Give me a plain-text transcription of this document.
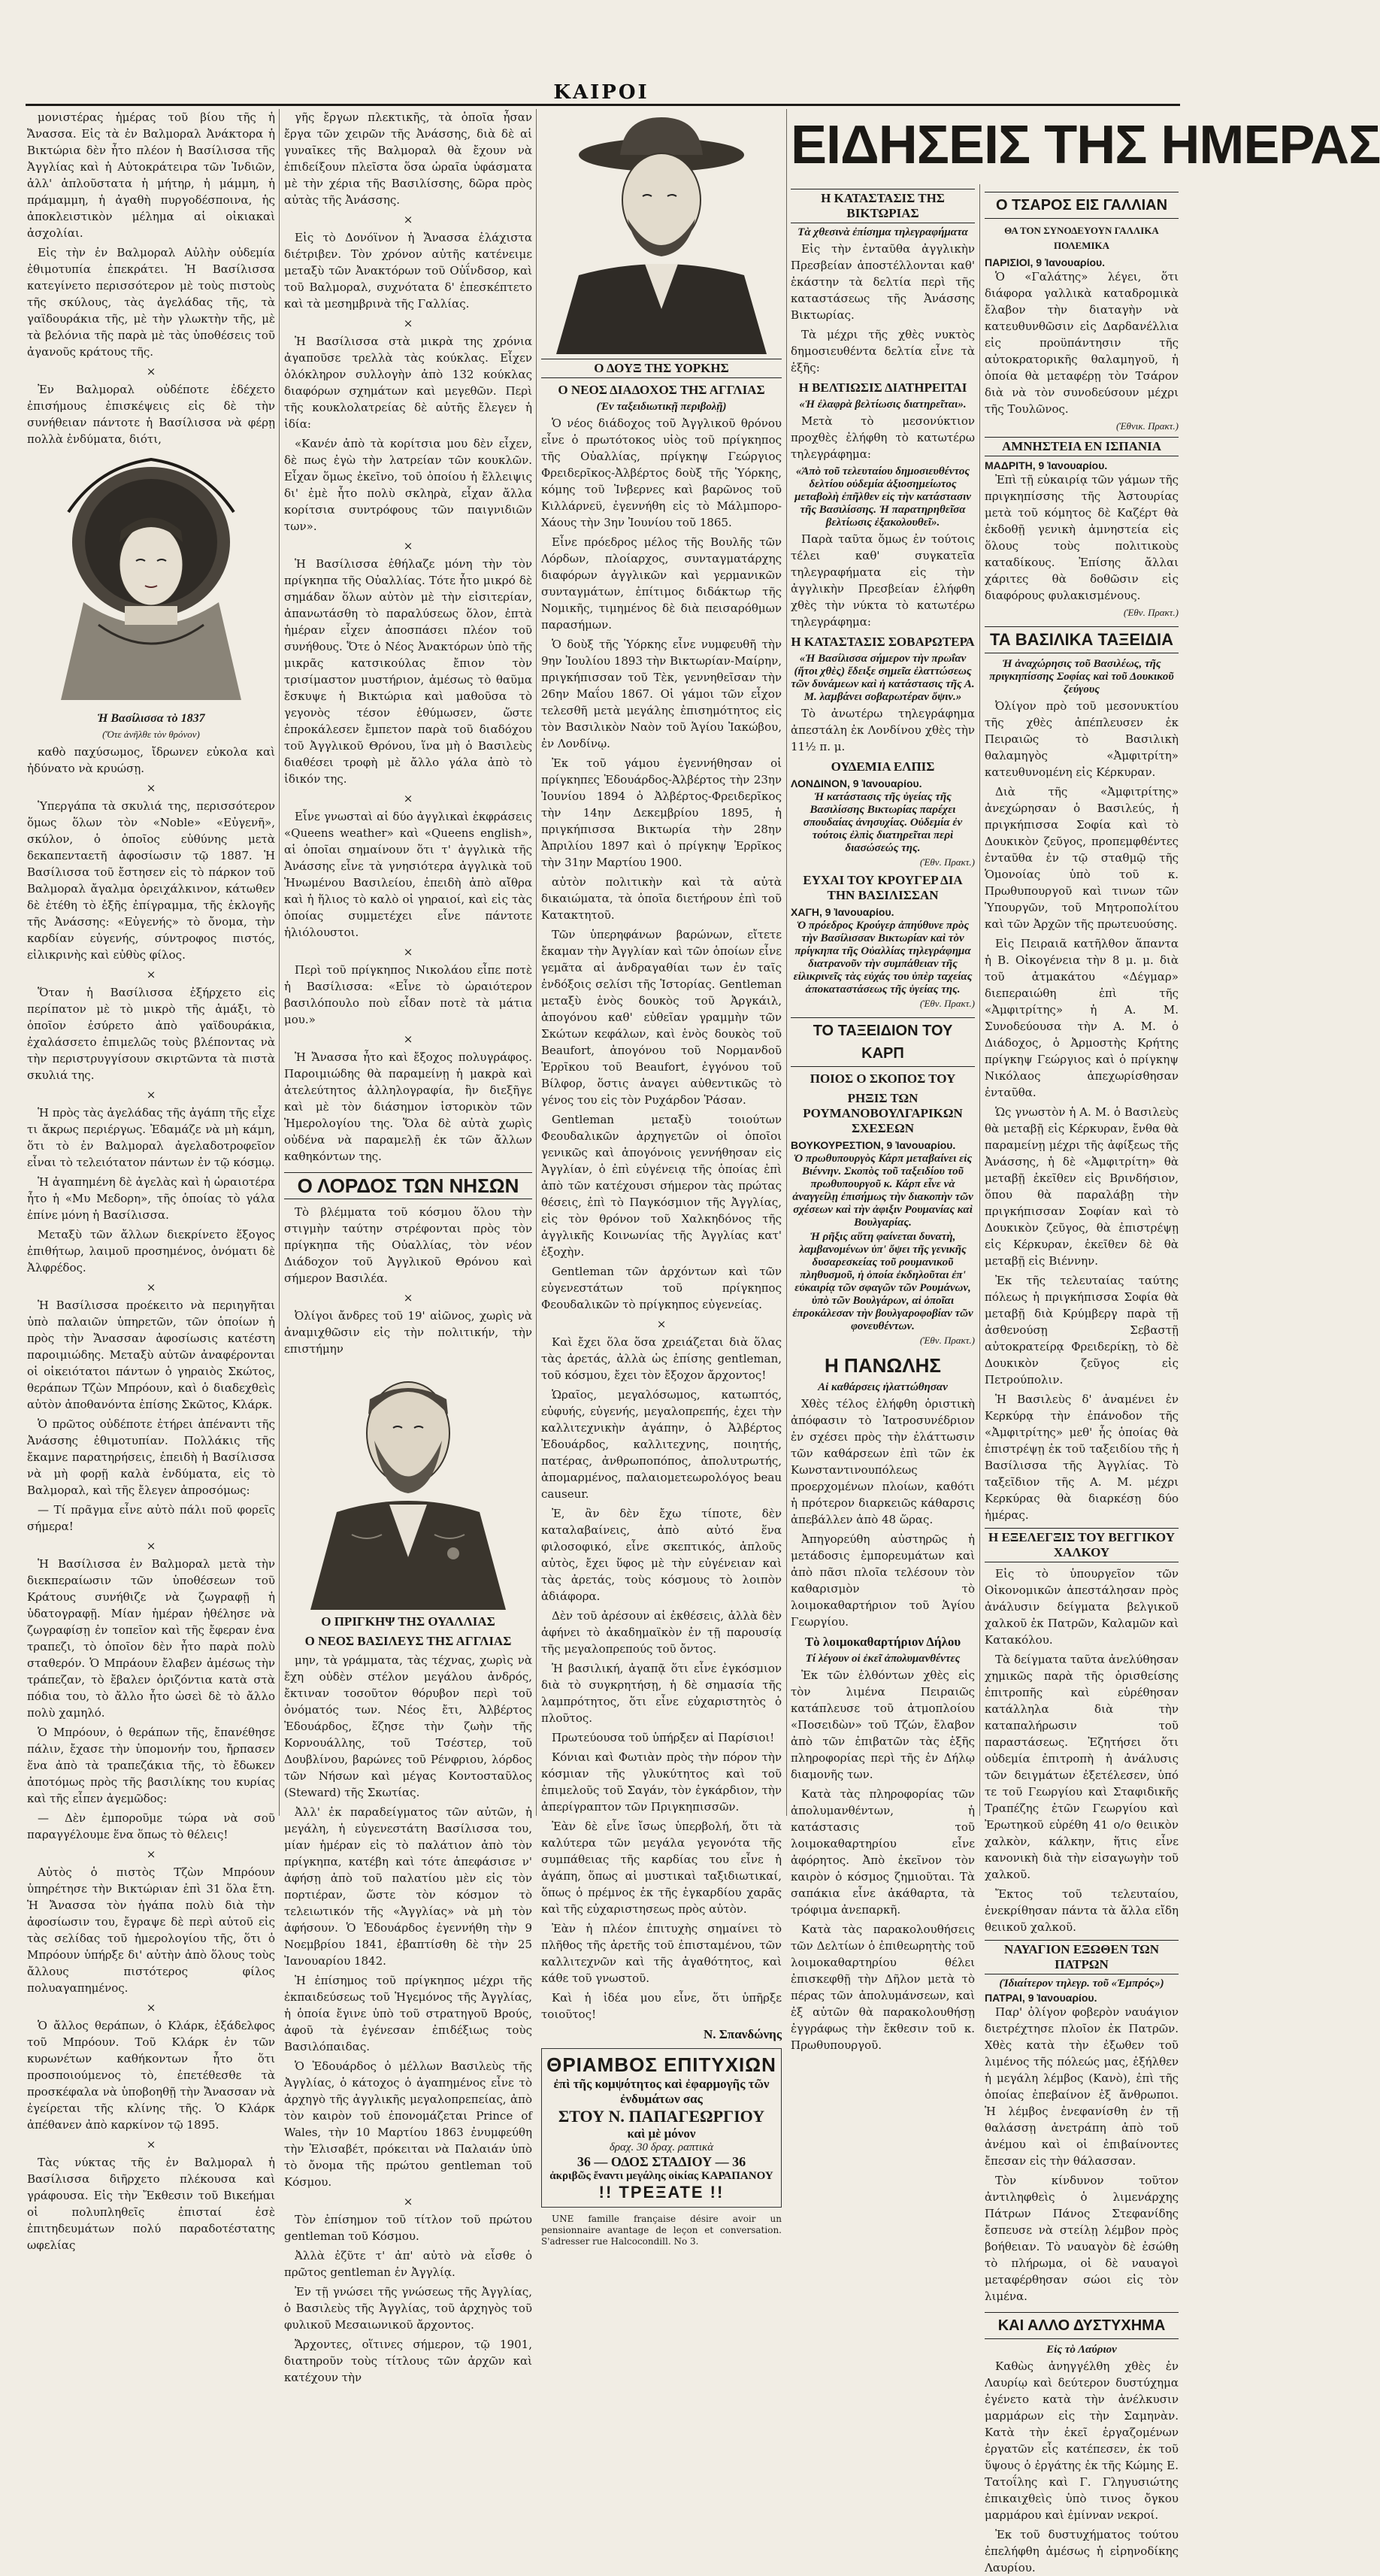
ΚΑΙΡΟΙ

μονιστέρας ἡμέρας τοῦ βίου τῆς ἡ Ἄνασσα. Εἰς τὰ ἐν Βαλμοραλ Ἀνάκτορα ἡ Βικτώρια δὲν ἦτο πλέον ἡ Βασίλισσα τῆς Ἀγγλίας καὶ ἡ Αὐτοκράτειρα τῶν Ἰνδιῶν, ἀλλ' ἁπλοῦστατα ἡ μήτηρ, ἡ μάμμη, ἡ πράμαμμη, ἡ ἀγαθὴ πυργοδέσποινα, ἡς ἀποκλειστικὸν μέλημα αἱ οἰκιακαὶ ἀσχολίαι.

Εἰς τὴν ἐν Βαλμοραλ Αὐλὴν οὐδεμία ἐθιμοτυπία ἐπεκράτει. Ἡ Βασίλισσα κατεγίνετο περισσότερον μὲ τοὺς πιστοὺς τῆς σκύλους, τὰς ἀγελάδας τῆς, τὰ γαϊδουράκια τῆς, μὲ τὴν γλωκτὴν τῆς, μὲ τὰ βελόνια τῆς παρὰ μὲ τὰς ὑποθέσεις τοῦ ἀγανοῦς κράτους τῆς.

×

Ἐν Βαλμοραλ οὐδέποτε ἐδέχετο ἐπισήμους ἐπισκέψεις εἰς δὲ τὴν συνήθειαν πάντοτε ἡ Βασίλισσα νὰ φέρῃ πολλὰ ἐνδύματα, διότι,

Ἡ Βασίλισσα τὸ 1837
(Ὅτε ἀνῆλθε τὸν θρόνον)

καθὸ παχύσωμος, ἴδρωνεν εὐκολα καὶ ἠδύνατο νὰ κρυώσῃ.

×

Ὑπεργάπα τὰ σκυλιά της, περισσότερον ὅμως ὅλων τὸν «Noble» «Εὐγενῆ», σκύλον, ὁ ὁποῖος εὑθύνης μετὰ δεκαπενταετῆ ἀφοσίωσιν τῷ 1887. Ἡ Βασίλισσα τοῦ ἔστησεν εἰς τὸ πάρκον τοῦ Βαλμοραλ ἄγαλμα ὀρειχάλκινον, κάτωθεν δὲ ἐτέθη τὸ ἑξῆς ἐπίγραμμα, τῆς ἐκλογῆς τῆς Ἀνάσσης: «Εὐγενής» τὸ ὄνομα, τὴν καρδίαν εὐγενής, σύντροφος πιστός, εἰλικρινὴς καὶ εὐθὺς φίλος.

×

Ὅταν ἡ Βασίλισσα ἐξήρχετο εἰς περίπατον μὲ τὸ μικρὸ τῆς ἁμάξι, τὸ ὁποῖον ἐσύρετο ἀπὸ γαϊδουράκια, ἐχαλάσσετο ἐπιμελῶς τοὺς βλέποντας νὰ τὴν περιστρυγγίσουν σκιρτῶντα τὰ πιστὰ σκυλιά της.

×

Ἡ πρὸς τὰς ἀγελάδας τῆς ἀγάπη τῆς εἶχε τι ἄκρως περιέργως. Ἐδαμάζε νὰ μὴ κάμη, ὅτι τὸ ἐν Βαλμοραλ ἀγελαδοτροφεῖον εἶναι τὸ τελειότατον πάντων ἐν τῷ κόσμῳ.

Ἡ ἀγαπημένη δὲ ἀγελὰς καὶ ἡ ὡραιοτέρα ἦτο ἡ «Μυ Μεδορη», τῆς ὁποίας τὸ γάλα ἐπίνε μόνη ἡ Βασίλισσα.

Μεταξὺ τῶν ἄλλων διεκρίνετο ἕξογος ἐπιθήτωρ, λαιμοῦ προσημένος, ὀνόματι δὲ Ἀλφρέδος.

×

Ἡ Βασίλισσα προέκειτο νὰ περιηγῆται ὑπὸ παλαιῶν ὑπηρετῶν, τῶν ὁποίων ἡ πρὸς τὴν Ἄνασσαν ἀφοσίωσις κατέστη παροιμιώδης. Μεταξὺ αὐτῶν ἀναφέρονται οἱ οἰκειότατοι πάντων ὁ γηραιὸς Σκώτος, θεράπων Τζὼν Μπρόουν, καὶ ὁ διαδεχθεὶς αὐτὸν ἀποθανόντα ἐπίσης Σκῶτος, Κλάρκ.

Ὁ πρῶτος οὐδέποτε ἐτήρει ἀπέναντι τῆς Ἀνάσσης ἐθιμοτυπίαν. Πολλάκις τῆς ἔκαμνε παρατηρήσεις, ἐπειδὴ ἡ Βασίλισσα νὰ μὴ φορῇ καλὰ ἐνδύματα, εἰς τὸ Βαλμοραλ, καὶ τῆς ἔλεγεν ἀπροσόμως:

— Τί πρᾶγμα εἶνε αὐτὸ πάλι ποῦ φορεῖς σήμερα!

×

Ἡ Βασίλισσα ἐν Βαλμοραλ μετὰ τὴν διεκπεραίωσιν τῶν ὑποθέσεων τοῦ Κράτους συνήθιζε νὰ ζωγραφῇ ἡ ὑδατογραφῇ. Μίαν ἡμέραν ἠθέλησε νὰ ζωγραφίσῃ ἐν τοπεῖον καὶ τῆς ἔφεραν ἐνα τραπεζι, τὸ ὁποῖον δὲν ἦτο παρὰ πολὺ σταθερόν. Ὁ Μπράουν ἔλαβεν ἀμέσως τὴν τράπεζαν, τὸ ἔβαλεν ὁριζόντια κατὰ στὰ πόδια του, τὸ ἄλλο ἦτο ὡσεὶ δὲ τὸ ἄλλο πολὺ χαμηλό.

Ὁ Μπρόουν, ὁ θεράπων τῆς, ἔπανέθησε πάλιν, ἔχασε τὴν ὑπομονήν του, ἤρπασεν ἕνα ἀπὸ τὰ τραπεζάκια τῆς, τὸ ἔδωκεν ἀποτόμως πρὸς τῆς βασιλίκης του κυρίας καὶ τῆς εἶπεν ἀγεμῶδος:

— Δὲν ἐμποροῦμε τώρα νὰ σοῦ παραγγέλουμε ἕνα ὅπως τὸ θέλεις!

×

Αὐτὸς ὁ πιστὸς Τζὼν Μπρόουν ὑπηρέτησε τὴν Βικτώριαν ἐπὶ 31 ὅλα ἔτη. Ἡ Ἄνασσα τὸν ἠγάπα πολὺ διὰ τὴν ἀφοσίωσιν του, ἔγραψε δὲ περὶ αὐτοῦ εἰς τὰς σελίδας τοῦ ἡμερολογίου τῆς, ὅτι ὁ Μπρόουν ὑπήρξε δι' αὐτὴν ἀπὸ ὅλους τοὺς ἄλλους πιστότερος φίλος πολυαγαπημένος.

×

Ὁ ἄλλος θεράπων, ὁ Κλάρκ, ἐξάδελφος τοῦ Μπρόουν. Τοῦ Κλάρκ ἐν τῶν κυρωνέτων καθήκοντων ἦτο ὅτι προσποιούμενος τὸ, ἐπετέθεσθε τὰ προσκέφαλα νὰ ὑποβοηθῇ τὴν Ἄνασσαν νὰ ἐγείρεται τῆς κλίνης τῆς. Ὁ Κλάρκ ἀπέθανεν ἀπὸ καρκίνον τῷ 1895.

×

Τὰς νύκτας τῆς ἐν Βαλμοραλ ἡ Βασίλισσα διῆρχετο πλέκουσα καὶ γράφουσα. Εἰς τὴν Ἔκθεσιν τοῦ Βικεήμαι οἱ πολυπληθεῖς ἐπισταί ἐσὲ ἐπιτηδευμάτων πολύ παραδοτέστατης ωφελίας

γῆς ἔργων πλεκτικῆς, τὰ ὁποῖα ἦσαν ἔργα τῶν χειρῶν τῆς Ἀνάσσης, διὰ δὲ αἱ γυναῖκες τῆς Βαλμοραλ θὰ ἔχουν νὰ ἐπιδείξουν πλεῖστα ὅσα ὡραῖα ὑφάσματα μὲ τὴν χέρια τῆς Βασιλίσσης, δῶρα πρὸς αὐτὰς τῆς Ἀνάσσης.

×

Εἰς τὸ Δονόϊνον ἡ Ἄνασσα ἐλάχιστα διέτριβεν. Τὸν χρόνον αὐτῆς κατένειμε μεταξὺ τῶν Ἀνακτόρων τοῦ Οὐΐνδσορ, καὶ τοῦ Βαλμοραλ, συχνότατα δ' ἐπεσκέπτετο καὶ τὰ μεσημβρινὰ τῆς Γαλλίας.

×

Ἡ Βασίλισσα στὰ μικρὰ της χρόνια ἀγαποῦσε τρελλὰ τὰς κούκλας. Εἶχεν ὁλόκληρον συλλογὴν ἀπὸ 132 κούκλας διαφόρων σχημάτων καὶ μεγεθῶν. Περὶ τῆς κουκλολατρείας δὲ αὐτῆς ἔλεγεν ἡ ἰδία:

«Κανέν ἀπὸ τὰ κορίτσια μου δὲν εἶχεν, δὲ πως ἐγὼ τὴν λατρείαν τῶν κουκλῶν. Εἶχαν ὅμως ἐκεῖνο, τοῦ ὁποίου ἡ ἔλλειψις δι' ἐμὲ ἦτο πολὺ σκληρὰ, εἶχαν ἄλλα κορίτσια συντρόφους τῶν παιγνιδιῶν των».

×

Ἡ Βασίλισσα ἐθήλαζε μόνη τὴν τὸν πρίγκηπα τῆς Οὐαλλίας. Τότε ἦτο μικρό δὲ σημάδαν ὅλων αὐτὸν μὲ τὴν εἰσιτερίαν, ἀπανωτάσθη τὸ παραλύσεως ὅλον, ἐπτὰ ἡμέραν εἶχεν ἀποσπάσει πλέον τοῦ συνήθους. Ὅτε ὁ Νέος Ἀνακτόρων ὑπὸ τῆς μικρᾶς κατσικούλας ἔπιον τὸν τρισίμαστον μυστήριον, ἀμέσως τὸ θαῦμα ἔσκυψε ἡ Βικτώρια καὶ μαθοῦσα τὸ γεγονὸς τέσον ἐθύμωσεν, ὥστε ἐπροκάλεσεν ἔμπετον παρὰ τοῦ διαδόχου τοῦ Ἀγγλικοῦ Θρόνου, ἵνα μὴ ὁ Βασιλεὺς διαθέσει τροφὴ μὲ ἄλλο γάλα ἀπὸ τὸ ἰδικόν της.

×

Εἶνε γνωσταὶ αἱ δύο ἀγγλικαὶ ἐκφράσεις «Queens weather» καὶ «Queens english», αἱ ὁποῖαι σημαίνουν ὅτι τ' ἀγγλικὰ τῆς Ἀνάσσης εἶνε τὰ γνησιότερα ἀγγλικὰ τοῦ Ἡνωμένου Βασιλείου, ἐπειδὴ ἀπὸ αἴθρα καὶ ἡ ἥλιος τὸ καλὸ οἱ γηραιοί, καὶ εἰς τὰς ὁποίας συμμετέχει εἶνε πάντοτε ἡλιόλουστοι.

×

Περὶ τοῦ πρίγκηπος Νικολάου εἶπε ποτὲ ἡ Βασίλισσα: «Εἶνε τὸ ὡραιότερον βασιλόπουλο ποὺ εἶδαν ποτὲ τὰ μάτια μου.»

×

Ἡ Ἄνασσα ἦτο καὶ ἔξοχος πολυγράφος. Παροιμιώδης θὰ παραμείνῃ ἡ μακρὰ καὶ ἀτελεύτητος ἀλληλογραφία, ἣν διεξῆγε καὶ μὲ τὸν διάσημον ἱστορικὸν τῶν Ἡμερολογίου της. Ὅλα δὲ αὐτὰ χωρὶς οὐδένα νὰ παραμελῇ ἐκ τῶν ἄλλων καθηκόντων της.

Ο ΛΟΡΔΟΣ ΤΩΝ ΝΗΣΩΝ

Τὸ βλέμματα τοῦ κόσμου ὅλου τὴν στιγμὴν ταύτην στρέφονται πρὸς τὸν πρίγκηπα τῆς Οὐαλλίας, τὸν νέον Διάδοχον τοῦ Ἀγγλικοῦ Θρόνου καὶ σήμερον Βασιλέα.

×

Ὀλίγοι ἄνδρες τοῦ 19' αἰῶνος, χωρὶς νὰ ἀναμιχθῶσιν εἰς τὴν πολιτικήν, τὴν επιστήμην

Ο ΠΡΙΓΚΗΨ ΤΗΣ ΟΥΑΛΛΙΑΣ
Ο ΝΕΟΣ ΒΑΣΙΛΕΥΣ ΤΗΣ ΑΓΓΛΙΑΣ

μην, τὰ γράμματα, τὰς τέχνας, χωρὶς νὰ ἔχη οὐδὲν στέλον μεγάλου ἀνδρός, ἔκτιναν τοσοῦτον θόρυβον περὶ τοῦ ὀνόματός των. Νέος ἔτι, Ἀλβέρτος Ἐδουάρδος, ἔζησε τὴν ζωὴν τῆς Κορνουάλλης, τοῦ Τσέστερ, τοῦ Δουβλίνου, βαρώνες τοῦ Ρένφριου, λόρδος τῶν Νήσων καὶ μέγας Κοντοσταῦλος (Steward) τῆς Σκωτίας.

Ἀλλ' ἐκ παραδείγματος τῶν αὐτῶν, ἡ μεγάλη, ἡ εὐγενεστάτη Βασίλισσα του, μίαν ἡμέραν εἰς τὸ παλάτιον ἀπὸ τὸν πρίγκηπα, κατέβη καὶ τότε ἀπεφάσισε ν' ἀφήσῃ ἀπὸ τοῦ παλατίου μὲν εἰς τὸν πορτιέραν, ὥστε τὸν κόσμον τὸ τελειωτικόν τῆς «Ἀγγλίας» νὰ μὴ τὸν ἀφήσουν. Ὁ Ἐδουάρδος ἐγεννήθη τὴν 9 Νοεμβρίου 1841, ἐβαπτίσθη δὲ τὴν 25 Ἰανουαρίου 1842.

Ἡ ἐπίσημος τοῦ πρίγκηπος μέχρι τῆς ἐκπαιδεύσεως τοῦ Ἡγεμόνος τῆς Ἀγγλίας, ἡ ὁποία ἔγινε ὑπὸ τοῦ στρατηγοῦ Βρούς, ἀφοῦ τὰ ἐγένεσαν ἐπιδέξιως τοὺς Βασιλόπαιδας.

Ὁ Ἐδουάρδος ὁ μέλλων Βασιλεὺς τῆς Ἀγγλίας, ὁ κάτοχος ὁ ἀγαπημένος εἶνε τὸ ἀρχηγὸ τῆς ἀγγλικῆς μεγαλοπρεπείας, ἀπὸ τὸν καιρὸν τοῦ ἐπονομάζεται Prince of Wales, τὴν 10 Μαρτίου 1863 ἐνυμφεύθη τὴν Ἐλισαβέτ, πρόκειται νὰ Παλαιάν ὑπὸ τὸ ὄνομα τῆς πρώτου gentleman τοῦ Κόσμου.

×

Τὸν ἐπίσημον τοῦ τίτλον τοῦ πρώτου gentleman τοῦ Κόσμου.

Ἀλλὰ ἐζῦτε τ' ἀπ' αὐτὸ νὰ εἶσθε ὁ πρῶτος gentleman ἐν Ἀγγλίᾳ.

Ἐν τῇ γνώσει τῆς γνώσεως τῆς Ἀγγλίας, ὁ Βασιλεὺς τῆς Ἀγγλίας, τοῦ ἀρχηγὸς τοῦ φυλικοῦ Μεσαιωνικοῦ ἄρχοντος.

Ἄρχοντες, οἵτινες σήμερον, τῷ 1901, διατηροῦν τοὺς τίτλους τῶν ἀρχῶν καὶ κατέχουν τὴν

Ο ΔΟΥΞ ΤΗΣ ΥΟΡΚΗΣ
Ο ΝΕΟΣ ΔΙΑΔΟΧΟΣ ΤΗΣ ΑΓΓΛΙΑΣ
(Ἐν ταξειδιωτικῇ περιβολῇ)

Ὁ νέος διάδοχος τοῦ Ἀγγλικοῦ θρόνου εἶνε ὁ πρωτότοκος υἱὸς τοῦ πρίγκηπος τῆς Οὐαλλίας, πρίγκηψ Γεώργιος Φρειδερῖκος-Ἀλβέρτος δοὺξ τῆς Ὑόρκης, κόμης τοῦ Ἰνβερνες καὶ βαρῶνος τοῦ Κιλλάρνεϋ, ἐγεννήθη εἰς τὸ Μάλμπορο-Χάους τὴν 3ην Ἰουνίου τοῦ 1865.

Εἶνε πρόεδρος μέλος τῆς Βουλῆς τῶν Λόρδων, πλοίαρχος, συνταγματάρχης διαφόρων ἀγγλικῶν καὶ γερμανικῶν συνταγμάτων, ἐπίτιμος διδάκτωρ τῆς Νομικῆς, τιμημένος δὲ διὰ πεισαρόθμων παρασήμων.

Ὁ δοὺξ τῆς Ὑόρκης εἶνε νυμφευθῆ τὴν 9ην Ἰουλίου 1893 τὴν Βικτωρίαν-Μαίρην, πριγκήπισσαν τοῦ Τὲκ, γεννηθεῖσαν τὴν 26ην Μαΐου 1867. Οἱ γάμοι τῶν εἶχον τελεσθῆ μετὰ μεγάλης ἐπισημότητος εἰς τὸν Βασιλικὸν Ναὸν τοῦ Ἁγίου Ἰακώβου, ἐν Λονδίνῳ.

Ἐκ τοῦ γάμου ἐγεννήθησαν οἱ πρίγκηπες Ἐδουάρδος-Ἀλβέρτος τὴν 23ην Ἰουνίου 1894 ὁ Ἀλβέρτος-Φρειδερῖκος τὴν 14ην Δεκεμβρίου 1895, ἡ πριγκήπισσα Βικτωρία τὴν 28ην Ἀπριλίου 1897 καὶ ὁ πρίγκηψ Ἐρρῖκος τὴν 31ην Μαρτίου 1900.

αὐτὸν πολιτικὴν καὶ τὰ αὐτὰ δικαιώματα, τὰ ὁποῖα διετήρουν ἐπὶ τοῦ Κατακτητοῦ.

Τῶν ὑπερηφάνων βαρώνων, εἴτετε ἔκαμαν τὴν Ἀγγλίαν καὶ τῶν ὁποίων εἶνε γεμᾶτα αἱ ἀνδραγαθίαι των ἐν ταῖς ἐνδόξοις σελίσι τῆς Ἱστορίας. Gentleman μεταξὺ ἑνὸς δουκὸς τοῦ Ἀργκάιλ, ἀπογόνου καθ' εὐθεῖαν γραμμὴν τῶν Σκώτων κεφάλων, καὶ ἑνὸς δουκὸς τοῦ Beaufort, ἀπογόνου τοῦ Νορμανδοῦ Ἐρρῖκου τοῦ Beaufort, ἐγγόνου τοῦ Βίλφορ, ὅστις ἀναγει αὐθεντικῶς τὸ γένος του εἰς τὸν Ρυχάρδον Ῥάσαν.

Gentleman μεταξὺ τοιούτων Φεουδαλικῶν ἀρχηγετῶν οἱ ὁποῖοι γενικῶς καὶ ἀπογόνοις γεννήθησαν εἰς Ἀγγλίαν, ὁ ἐπὶ εὐγένειᾳ τῆς ὁποίας ἐπὶ ἀπὸ τῶν κατέχουσι σήμερον τὰς πρώτας θέσεις, ἐπὶ τὸ Παγκόσμιον τῆς Ἀγγλίας, εἰς τὸν θρόνον τοῦ Χαλκηδόνος τῆς ἀγγλικῆς Κοινωνίας τῆς Ἀγγλίας κατ' ἐξοχὴν.

Gentleman τῶν ἀρχόντων καὶ τῶν εὐγενεστάτων τοῦ πρίγκηπος Φεουδαλικῶν τὸ πρίγκηπος εὐγενείας.

×

Καὶ ἔχει ὅλα ὅσα χρειάζεται διὰ ὅλας τὰς ἀρετάς, ἀλλὰ ὡς ἐπίσης gentleman, τοῦ κόσμου, ἔχει τὸν ἔξοχον ἄρχοντος!

Ὡραῖος, μεγαλόσωμος, κατωπτός, εὐφυής, εὐγενής, μεγαλοπρεπής, ἐχει τὴν καλλιτεχνικὴν ἀγάπην, ὁ Ἀλβέρτος Ἐδουάρδος, καλλιτεχνης, ποιητής, πατέρας, ἀνθρωποπόπος, ἀπολυτρωτής, ἀπομαρμένος, παλαιομετεωρολόγος beau causeur.

Ἐ, ἂν δὲν ἔχω τίποτε, δὲν καταλαβαίνεις, ἀπὸ αὐτό ἕνα φιλοσοφικό, εἶνε σκεπτικός, ἀπλοῦς αὐτὸς, ἔχει ὕφος μὲ τὴν εὐγένειαν καὶ τὰς ἀρετάς, τοὺς κόσμους τὸ λοιπὸν ἀδιάφορα.

Δὲν τοῦ ἀρέσουν αἱ ἐκθέσεις, ἀλλὰ δὲν ἀφήνει τὸ ἀκαδημαϊκὸν ἐν τῇ παρουσίᾳ τῆς μεγαλοπρεπούς τοῦ ὄντος.

Ἡ βασιλική, ἀγαπᾷ ὅτι εἶνε ἐγκόσμιον διὰ τὸ συγκρητήσῃ, ἡ δὲ σημασία τῆς λαμπρότητος, ὅτι εἶνε εὐχαριστητὸς ὁ πλοῦτος.

Πρωτεύουσα τοῦ ὑπήρξεν αἱ Παρίσιοι!

Κόνιαι καὶ Φωτιὰν πρὸς τὴν πόρον τὴν κόσμιαν τῆς γλυκύτητος καὶ τοῦ ἐπιμελοῦς τοῦ Σαγάν, τὸν ἐγκάρδιον, τὴν ἀπερίγραπτον τῶν Πριγκηπισσῶν.

Ἐὰν δὲ εἶνε ἴσως ὑπερβολή, ὅτι τὰ καλύτερα τῶν μεγάλα γεγονότα τῆς συμπάθειας τῆς καρδίας του εἶνε ἡ ἀγάπη, ὅπως αἱ μυστικαὶ ταξιδιωτικαί, ὅπως ὁ πρέμνος ἐκ τῆς ἐγκαρδίου χαρᾶς καὶ τῆς εὐχαριστησεως πρὸς αὐτὸν.

Ἐὰν ἡ πλέον ἐπιτυχὴς σημαίνει τὸ πλῆθος τῆς ἀρετῆς τοῦ ἐπισταμένου, τῶν καλλιτεχνῶν καὶ τῆς ἀγαθότητος, καὶ κάθε τοῦ γνωστοῦ.

Καὶ ἡ ἰδέα μου εἶνε, ὅτι ὑπῆρξε τοιοῦτος!

Ν. Σπανδώνης
ΘΡΙΑΜΒΟΣ ΕΠΙΤΥΧΙΩΝ
ἐπὶ τῆς κομψότητος καὶ ἐφαρμογῆς τῶν ἐνδυμάτων σας
ΣΤΟΥ Ν. ΠΑΠΑΓΕΩΡΓΙΟΥ
καὶ μὲ μόνον
δραχ. 30 δραχ. ραπτικὰ
36 — ΟΔΟΣ ΣΤΑΔΙΟΥ — 36
ἀκριβῶς ἔναντι μεγάλης οἰκίας ΚΑΡΑΠΑΝΟΥ
!! ΤΡΕΞΑΤΕ !!

UNE famille française désire avoir un pensionnaire avantage de leçon et conversation. S'adresser rue Halcocondill. No 3.

ΕΙΔΗΣΕΙΣ ΤΗΣ ΗΜΕΡΑΣ
Η ΚΑΤΑΣΤΑΣΙΣ ΤΗΣ ΒΙΚΤΩΡΙΑΣ
Τὰ χθεσινὰ ἐπίσημα τηλεγραφήματα

Εἰς τὴν ἐνταῦθα ἀγγλικὴν Πρεσβείαν ἀποστέλλονται καθ' ἑκάστην τὰ δελτία περὶ τῆς καταστάσεως τῆς Ἀνάσσης Βικτωρίας.

Τὰ μέχρι τῆς χθὲς νυκτὸς δημοσιευθέντα δελτία εἶνε τὰ ἑξῆς:

Η ΒΕΛΤΙΩΣΙΣ ΔΙΑΤΗΡΕΙΤΑΙ
«Ἡ ἐλαφρὰ βελτίωσις διατηρεῖται».

Μετὰ τὸ μεσονύκτιον προχθὲς ἐλήφθη τὸ κατωτέρω τηλεγράφημα:

«Ἀπὸ τοῦ τελευταίου δημοσιευθέντος δελτίου οὐδεμία ἀξιοσημείωτος μεταβολὴ ἐπῆλθεν εἰς τὴν κατάστασιν τῆς Βασιλίσσης. Ἡ παρατηρηθεῖσα βελτίωσις ἐξακολουθεῖ».

Παρὰ ταῦτα ὅμως ἐν τούτοις τέλει καθ' συγκατεῖα τηλεγραφήματα εἰς τὴν ἀγγλικὴν Πρεσβείαν ἐλήφθη χθὲς τὴν νύκτα τὸ κατωτέρω τηλεγράφημα:

Η ΚΑΤΑΣΤΑΣΙΣ ΣΟΒΑΡΩΤΕΡΑ
«Ἡ Βασίλισσα σήμερον τὴν πρωΐαν (ἤτοι χθὲς) ἔδειξε σημεῖα ἐλαττώσεως τῶν δυνάμεων καὶ ἡ κατάστασις τῆς Α. Μ. λαμβάνει σοβαρωτέραν ὄψιν.»

Τὸ ἀνωτέρω τηλεγράφημα ἀπεστάλη ἐκ Λονδίνου χθὲς τὴν 11½ π. μ.

ΟΥΔΕΜΙΑ ΕΛΠΙΣ
ΛΟΝΔΙΝΟΝ, 9 Ἰανουαρίου.
Ἡ κατάστασις τῆς ὑγείας τῆς Βασιλίσσης Βικτωρίας παρέχει σπουδαίας ἀνησυχίας. Οὐδεμία ἐν τούτοις ἐλπὶς διατηρεῖται περὶ διασώσεώς της.
(Ἐθν. Πρακτ.)
ΕΥΧΑΙ ΤΟΥ ΚΡΟΥΓΕΡ ΔΙΑ ΤΗΝ ΒΑΣΙΛΙΣΣΑΝ
ΧΑΓΗ, 9 Ἰανουαρίου.
Ὁ πρόεδρος Κρούγερ ἀπηύθυνε πρὸς τὴν Βασίλισσαν Βικτωρίαν καὶ τὸν πρίγκηπα τῆς Οὐαλλίας τηλεγράφημα διατρανοῦν τὴν συμπάθειαν τῆς εἰλικρινεῖς τὰς εὐχάς του ὑπὲρ ταχείας ἀποκαταστάσεως τῆς ὑγείας της.
(Ἐθν. Πρακτ.)
ΤΟ ΤΑΞΕΙΔΙΟΝ ΤΟΥ ΚΑΡΠ
ΠΟΙΟΣ Ο ΣΚΟΠΟΣ ΤΟΥ
ΡΗΞΙΣ ΤΩΝ ΡΟΥΜΑΝΟΒΟΥΛΓΑΡΙΚΩΝ ΣΧΕΣΕΩΝ
ΒΟΥΚΟΥΡΕΣΤΙΟΝ, 9 Ἰανουαρίου.
Ὁ πρωθυπουργὸς Κάρπ μεταβαίνει εἰς Βιέννην. Σκοπὸς τοῦ ταξειδίου τοῦ πρωθυπουργοῦ κ. Κάρπ εἶνε νὰ ἀναγγείλῃ ἐπισήμως τὴν διακοπὴν τῶν σχέσεων καὶ τὴν ἀφιξιν Ρουμανίας καὶ Βουλγαρίας.
Ἡ ρῆξις αὕτη φαίνεται δυνατὴ, λαμβανομένων ὑπ' ὄψει τῆς γενικῆς δυσαρεσκείας τοῦ ρουμανικοῦ πληθυσμοῦ, ἡ ὁποία ἐκδηλοῦται ἐπ' εὐκαιρίᾳ τῶν σφαγῶν τῶν Ρουμάνων, ὑπὸ τῶν Βουλγάρων, αἱ ὁποῖαι ἐπροκάλεσαν τὴν βουλγαροφοβίαν τῶν φονευθέντων.
(Ἐθν. Πρακτ.)
Η ΠΑΝΩΛΗΣ
Αἱ καθάρσεις ἠλαττώθησαν

Χθὲς τέλος ἐλήφθη ὁριστικὴ ἀπόφασιν τὸ Ἰατροσυνέδριον ἐν σχέσει πρὸς τὴν ἐλάττωσιν τῶν καθάρσεων ἐπὶ τῶν ἐκ Κωνσταντινουπόλεως προερχομένων πλοίων, καθότι ἡ πρότερον διαρκειῶς κάθαρσις ἀπεβάλλεν ἀπὸ 48 ὥρας.

Ἀπηγορεύθη αὐστηρῶς ἡ μετάδοσις ἐμπορευμάτων καὶ ἀπὸ πᾶσι πλοῖα τελέσουν τὸν καθαρισμὸν τὸ λοιμοκαθαρτήριον τοῦ Ἁγίου Γεωργίου.

Τὸ λοιμοκαθαρτήριον Δήλου
Τί λέγουν οἱ ἐκεῖ ἀπολυμανθέντες

Ἐκ τῶν ἐλθόντων χθὲς εἰς τὸν λιμένα Πειραιῶς κατάπλευσε τοῦ ἀτμοπλοίου «Ποσειδὼν» τοῦ Τζών, ἔλαβον ἀπὸ τῶν ἐπιβατῶν τὰς ἑξῆς πληροφορίας περὶ τῆς ἐν Δήλῳ διαμονῆς των.

Κατὰ τὰς πληροφορίας τῶν ἀπολυμανθέντων, ἡ κατάστασις τοῦ λοιμοκαθαρτηρίου εἶνε ἀφόρητος. Ἀπὸ ἐκεῖνον τὸν καιρὸν ὁ κόσμος ζημιοῦται. Τὰ σαπάκια εἶνε ἀκάθαρτα, τὰ τρόφιμα ἀνεπαρκῆ.

Κατὰ τὰς παρακολουθήσεις τῶν Δελτίων ὁ ἐπιθεωρητὴς τοῦ λοιμοκαθαρτηρίου θέλει ἐπισκεφθῇ τὴν Δῆλον μετὰ τὸ πέρας τῶν ἀπολυμάνσεων, καὶ ἐξ αὐτῶν θὰ παρακολουθήσῃ ἐγγράφως τὴν ἔκθεσιν τοῦ κ. Πρωθυπουργοῦ.

Ο ΤΣΑΡΟΣ ΕΙΣ ΓΑΛΛΙΑΝ
ΘΑ ΤΟΝ ΣΥΝΟΔΕΥΟΥΝ ΓΑΛΛΙΚΑ ΠΟΛΕΜΙΚΑ
ΠΑΡΙΣΙΟΙ, 9 Ἰανουαρίου.

Ὁ «Γαλάτης» λέγει, ὅτι διάφορα γαλλικὰ καταδρομικὰ ἔλαβον τὴν διαταγὴν νὰ κατευθυνθῶσιν εἰς Δαρδανέλλια εἰς προϋπάντησιν τῆς αὐτοκρατορικῆς θαλαμηγοῦ, ἡ ὁποία θὰ μεταφέρῃ τὸν Τσάρον διὰ νὰ τὸν συνοδεύσουν μέχρι τῆς Τουλῶνος.

(Ἐθνικ. Πρακτ.)
ΑΜΝΗΣΤΕΙΑ ΕΝ ΙΣΠΑΝΙΑ
ΜΑΔΡΙΤΗ, 9 Ἰανουαρίου.

Ἐπὶ τῇ εὐκαιρίᾳ τῶν γάμων τῆς πριγκηπίσσης τῆς Ἀστουρίας μετὰ τοῦ κόμητος δὲ Καζέρτ θὰ ἐκδοθῇ γενικὴ ἀμνηστεία εἰς ὅλους τοὺς πολιτικοὺς καταδίκους. Ἐπίσης ἄλλαι χάριτες θὰ δοθῶσιν εἰς διαφόρους φυλακισμένους.

(Ἐθν. Πρακτ.)
ΤΑ ΒΑΣΙΛΙΚΑ ΤΑΞΕΙΔΙΑ
Ἡ ἀναχώρησις τοῦ Βασιλέως, τῆς πριγκηπίσσης Σοφίας καὶ τοῦ Δουκικοῦ ζεύγους

Ὀλίγον πρὸ τοῦ μεσονυκτίου τῆς χθὲς ἀπέπλευσεν ἐκ Πειραιῶς τὸ Βασιλικὴ θαλαμηγὸς «Ἀμφιτρίτη» κατευθυνομένη εἰς Κέρκυραν.

Διὰ τῆς «Ἀμφιτρίτης» ἀνεχώρησαν ὁ Βασιλεύς, ἡ πριγκήπισσα Σοφία καὶ τὸ Δουκικὸν ζεῦγος, προπεμφθέντες ἐνταῦθα ἐν τῷ σταθμῷ τῆς Ὁμονοίας ὑπὸ τοῦ κ. Πρωθυπουργοῦ καὶ τινων τῶν Ὑπουργῶν, τοῦ Μητροπολίτου καὶ τῶν Ἀρχῶν τῆς πρωτευούσης.

Εἰς Πειραιᾶ κατῆλθον ἅπαντα ἡ Β. Οἰκογένεια τὴν 8 μ. μ. διὰ τοῦ ἀτμακάτου «Δέγμαρ» διεπεραιώθη ἐπὶ τῆς «Ἀμφιτρίτης» ἡ Α. Μ. Συνοδεύουσα τὴν Α. Μ. ὁ Διάδοχος, ὁ Ἀρμοστὴς Κρήτης πρίγκηψ Γεώργιος καὶ ὁ πρίγκηψ Νικόλαος ἀπεχωρίσθησαν ἐνταῦθα.

Ὡς γνωστὸν ἡ Α. Μ. ὁ Βασιλεὺς θὰ μεταβῇ εἰς Κέρκυραν, ἔνθα θὰ παραμείνῃ μέχρι τῆς ἀφίξεως τῆς Ἀνάσσης, ἡ δὲ «Ἀμφιτρίτη» θὰ μεταβῇ ἐκεῖθεν εἰς Βρινδήσιον, ὅπου θὰ παραλάβῃ τὴν πριγκήπισσαν Σοφίαν καὶ τὸ Δουκικὸν ζεῦγος, θὰ ἐπιστρέψῃ εἰς Κέρκυραν, ἐκεῖθεν δὲ θὰ μεταβῇ εἰς Βιέννην.

Ἐκ τῆς τελευταίας ταύτης πόλεως ἡ πριγκήπισσα Σοφία θὰ μεταβῇ διὰ Κρύμβεργ παρὰ τῇ ἀσθενούσῃ Σεβαστῇ αὐτοκρατείρᾳ Φρειδερίκῃ, τὸ δὲ Δουκικὸν ζεῦγος εἰς Πετρούπολιν.

Ἡ Βασιλεὺς δ' ἀναμένει ἐν Κερκύρᾳ τὴν ἐπάνοδον τῆς «Ἀμφιτρίτης» μεθ' ἧς ὁποίας θὰ ἐπιστρέψῃ ἐκ τοῦ ταξειδίου τῆς ἡ Βασίλισσα τῆς Ἀγγλίας. Τὸ ταξεῖδιον τῆς Α. Μ. μέχρι Κερκύρας θὰ διαρκέσῃ δύο ἡμέρας.

Η ΕΞΕΛΕΓΞΙΣ ΤΟΥ ΒΕΓΓΙΚΟΥ ΧΑΛΚΟΥ

Εἰς τὸ ὑπουργεῖον τῶν Οἰκονομικῶν ἀπεστάλησαν πρὸς ἀνάλυσιν δείγματα βελγικοῦ χαλκοῦ ἐκ Πατρῶν, Καλαμῶν καὶ Κατακόλου.

Τὰ δείγματα ταῦτα ἀνελύθησαν χημικῶς παρὰ τῆς ὁρισθείσης ἐπιτροπῆς καὶ εὑρέθησαν κατάλληλα διὰ τὴν καταπαλήρωσιν τοῦ παραστάσεως. Ἐζητήσει ὅτι οὐδεμία ἐπιτροπὴ ἡ ἀνάλυσις τῶν δειγμάτων ἐξετέλεσεν, ὑπό τε τοῦ Γεωργίου καὶ Σταφιδικῆς Τραπέζης ἐτῶν Γεωργίου καὶ Ἐρωτηκοῦ εὑρέθη 41 ο/ο θειικὸν χαλκὸν, κάλκην, ἥτις εἶνε κανονικὴ διὰ τὴν εἰσαγωγὴν τοῦ χαλκοῦ.

Ἔκτος τοῦ τελευταίου, ἐνεκρίθησαν πάντα τὰ ἄλλα εἴδη θειικοῦ χαλκοῦ.

ΝΑΥΑΓΙΟΝ ΕΞΩΘΕΝ ΤΩΝ ΠΑΤΡΩΝ
(Ἰδιαίτερον τηλεγρ. τοῦ «Ἐμπρός»)
ΠΑΤΡΑΙ, 9 Ἰανουαρίου.

Παρ' ὀλίγον φοβερὸν ναυάγιον διετρέχτησε πλοῖον ἐκ Πατρῶν. Χθὲς κατὰ τὴν ἐξωθεν τοῦ λιμένος τῆς πόλεώς μας, ἐξήλθεν ἡ μεγάλη λέμβος (Κανὸ), ἐπὶ τῆς ὁποίας ἐπεβαίνον ἐξ ἄνθρωποι. Ἡ λέμβος ἐνεφανίσθη ἐν τῇ θαλάσσῃ ἀνετράπη ἀπὸ τοῦ ἀνέμου καὶ οἱ ἐπιβαίνοντες ἔπεσαν εἰς τὴν θάλασσαν.

Τὸν κίνδυνον τοῦτον ἀντιληφθεὶς ὁ λιμενάρχης Πάτρων Πάνος Στεφανίδης ἔσπευσε νὰ στείλῃ λέμβον πρὸς βοήθειαν. Τὸ ναυαγὸν δὲ ἐσώθη τὸ πλήρωμα, οἱ δὲ ναυαγοὶ μεταφέρθησαν σώοι εἰς τὸν λιμένα.

ΚΑΙ ΑΛΛΟ ΔΥΣΤΥΧΗΜΑ
Εἰς τὸ Λαύριον

Καθὼς ἀνηγγέλθη χθὲς ἐν Λαυρίῳ καὶ δεύτερον δυστύχημα ἐγένετο κατὰ τὴν ἀνέλκυσιν μαρμάρων εἰς τὴν Σαμηνὰν. Κατὰ τὴν ἐκεῖ ἐργαζομένων ἐργατῶν εἶς κατέπεσεν, ἐκ τοῦ ὕψους ὁ ἐργάτης ἐκ τῆς Κώμης Ε. Τατοΐλης καὶ Γ. Γληγυσιώτης ἐπικαιχθεὶς ὑπὸ τινος ὄγκου μαρμάρου καὶ ἐμίνναν νεκροί.

Ἐκ τοῦ δυστυχήματος τούτου ἐπελήφθη ἀμέσως ἡ εἰρηνοδίκης Λαυρίου.
